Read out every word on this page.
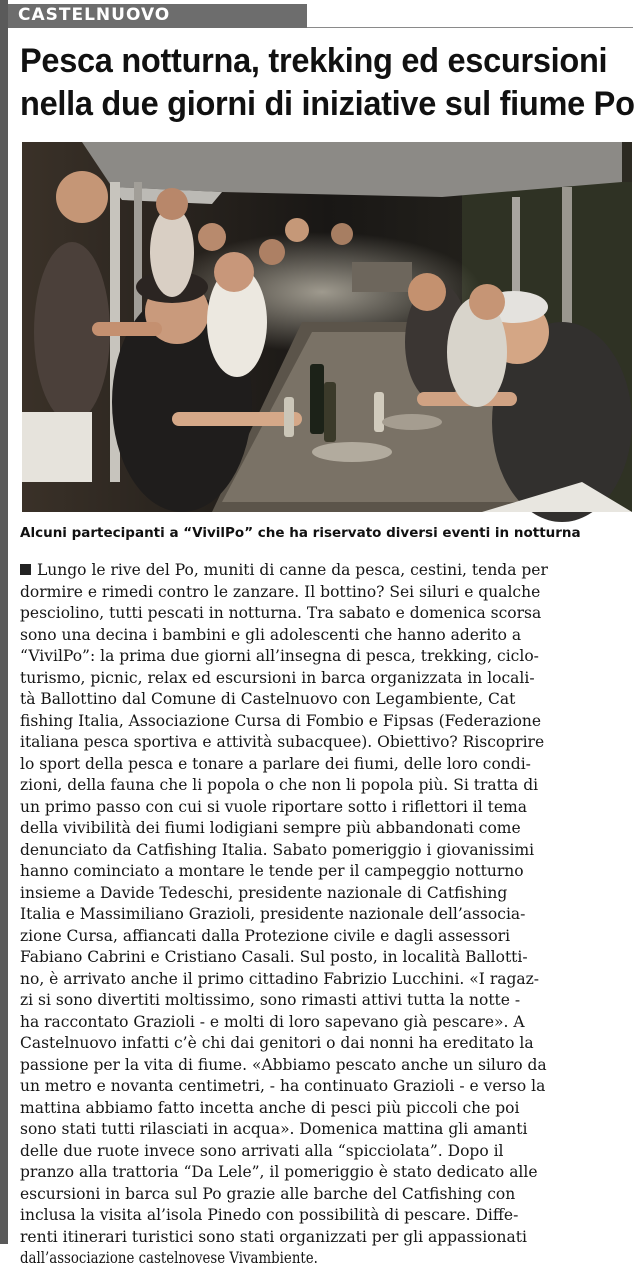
CASTELNUOVO
Pesca notturna, trekking ed escursioni
nella due giorni di iniziative sul fiume Po
Alcuni partecipanti a “VivilPo” che ha riservato diversi eventi in notturna
Lungo le rive del Po, muniti di canne da pesca, cestini, tenda per
dormire e rimedi contro le zanzare. Il bottino? Sei siluri e qualche
pesciolino, tutti pescati in notturna. Tra sabato e domenica scorsa
sono una decina i bambini e gli adolescenti che hanno aderito a
“VivilPo”: la prima due giorni all’insegna di pesca, trekking, ciclo-
turismo, picnic, relax ed escursioni in barca organizzata in locali-
tà Ballottino dal Comune di Castelnuovo con Legambiente, Cat
fishing Italia, Associazione Cursa di Fombio e Fipsas (Federazione
italiana pesca sportiva e attività subacquee). Obiettivo? Riscoprire
lo sport della pesca e tonare a parlare dei fiumi, delle loro condi-
zioni, della fauna che li popola o che non li popola più. Si tratta di
un primo passo con cui si vuole riportare sotto i riflettori il tema
della vivibilità dei fiumi lodigiani sempre più abbandonati come
denunciato da Catfishing Italia. Sabato pomeriggio i giovanissimi
hanno cominciato a montare le tende per il campeggio notturno
insieme a Davide Tedeschi, presidente nazionale di Catfishing
Italia e Massimiliano Grazioli, presidente nazionale dell’associa-
zione Cursa, affiancati dalla Protezione civile e dagli assessori
Fabiano Cabrini e Cristiano Casali. Sul posto, in località Ballotti-
no, è arrivato anche il primo cittadino Fabrizio Lucchini. «I ragaz-
zi si sono divertiti moltissimo, sono rimasti attivi tutta la notte -
ha raccontato Grazioli - e molti di loro sapevano già pescare». A
Castelnuovo infatti c’è chi dai genitori o dai nonni ha ereditato la
passione per la vita di fiume. «Abbiamo pescato anche un siluro da
un metro e novanta centimetri, - ha continuato Grazioli - e verso la
mattina abbiamo fatto incetta anche di pesci più piccoli che poi
sono stati tutti rilasciati in acqua». Domenica mattina gli amanti
delle due ruote invece sono arrivati alla “spicciolata”. Dopo il
pranzo alla trattoria “Da Lele”, il pomeriggio è stato dedicato alle
escursioni in barca sul Po grazie alle barche del Catfishing con
inclusa la visita al’isola Pinedo con possibilità di pescare. Diffe-
renti itinerari turistici sono stati organizzati per gli appassionati
dall’associazione castelnovese Vivambiente.
